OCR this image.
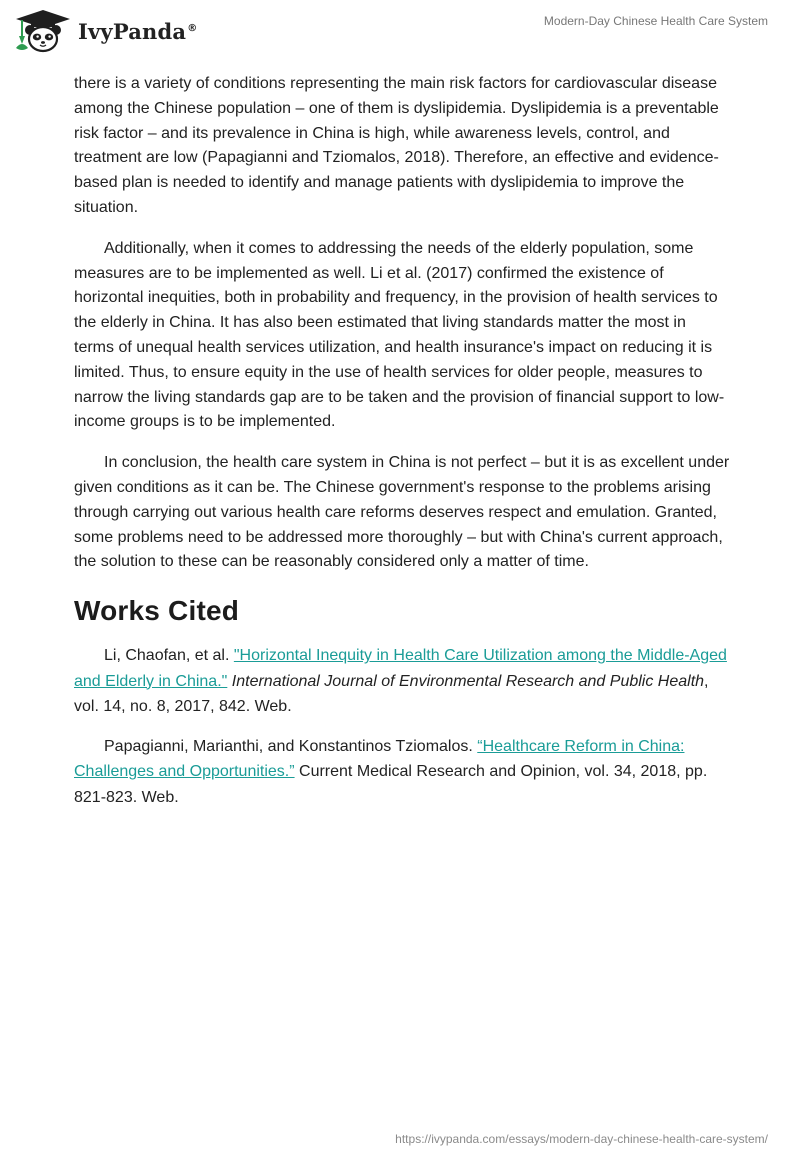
IvyPanda®	Modern-Day Chinese Health Care System

there is a variety of conditions representing the main risk factors for cardiovascular disease among the Chinese population – one of them is dyslipidemia. Dyslipidemia is a preventable risk factor – and its prevalence in China is high, while awareness levels, control, and treatment are low (Papagianni and Tziomalos, 2018). Therefore, an effective and evidence-based plan is needed to identify and manage patients with dyslipidemia to improve the situation.

Additionally, when it comes to addressing the needs of the elderly population, some measures are to be implemented as well. Li et al. (2017) confirmed the existence of horizontal inequities, both in probability and frequency, in the provision of health services to the elderly in China. It has also been estimated that living standards matter the most in terms of unequal health services utilization, and health insurance's impact on reducing it is limited. Thus, to ensure equity in the use of health services for older people, measures to narrow the living standards gap are to be taken and the provision of financial support to low-income groups is to be implemented.

In conclusion, the health care system in China is not perfect – but it is as excellent under given conditions as it can be. The Chinese government's response to the problems arising through carrying out various health care reforms deserves respect and emulation. Granted, some problems need to be addressed more thoroughly – but with China's current approach, the solution to these can be reasonably considered only a matter of time.

Works Cited

Li, Chaofan, et al. "Horizontal Inequity in Health Care Utilization among the Middle-Aged and Elderly in China." International Journal of Environmental Research and Public Health, vol. 14, no. 8, 2017, 842. Web.

Papagianni, Marianthi, and Konstantinos Tziomalos. “Healthcare Reform in China: Challenges and Opportunities.” Current Medical Research and Opinion, vol. 34, 2018, pp. 821-823. Web.

https://ivypanda.com/essays/modern-day-chinese-health-care-system/
